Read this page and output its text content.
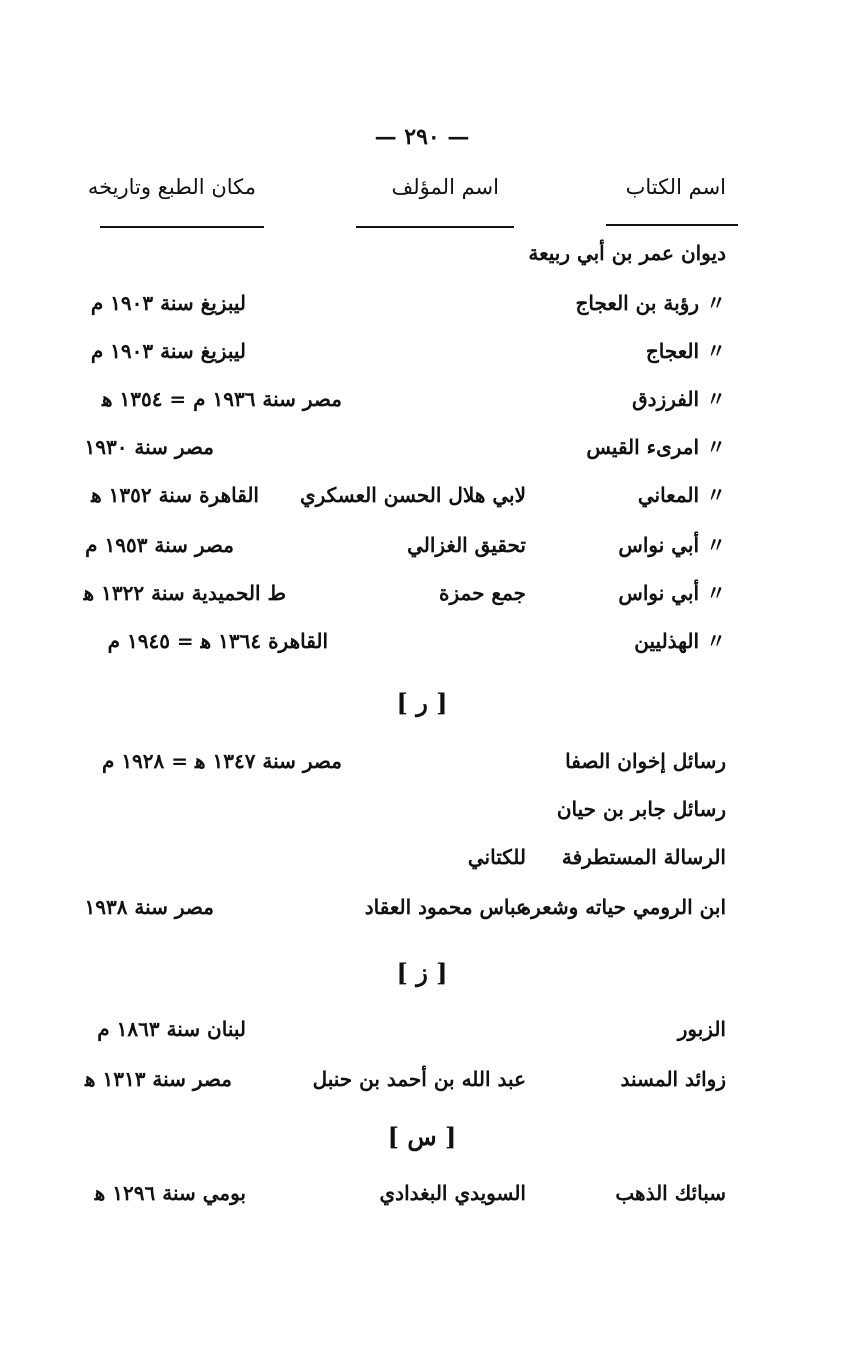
— ٢٩٠ —
اسم الكتاب
اسم المؤلف
مكان الطبع وتاريخه
ديوان عمر بن أبي ربيعة
〃 رؤبة بن العجاج
ليبزيغ سنة ١٩٠٣ م
〃 العجاج
ليبزيغ سنة ١٩٠٣ م
〃 الفرزدق
مصر سنة ١٩٣٦ م = ١٣٥٤ ﻫ
〃 امرىء القيس
مصر سنة ١٩٣٠
〃 المعاني
لابي هلال الحسن العسكري
القاهرة سنة ١٣٥٢ ﻫ
〃 أبي نواس
تحقيق الغزالي
مصر سنة ١٩٥٣ م
〃 أبي نواس
جمع حمزة
ط الحميدية سنة ١٣٢٢ ﻫ
〃 الهذليين
القاهرة ١٣٦٤ ﻫ = ١٩٤٥ م
[ ر ]
رسائل إخوان الصفا
مصر سنة ١٣٤٧ ﻫ = ١٩٢٨ م
رسائل جابر بن حيان
الرسالة المستطرفة
للكتاني
ابن الرومي حياته وشعره
عباس محمود العقاد
مصر سنة ١٩٣٨
[ ز ]
الزبور
لبنان سنة ١٨٦٣ م
زوائد المسند
عبد الله بن أحمد بن حنبل
مصر سنة ١٣١٣ ﻫ
[ س ]
سبائك الذهب
السويدي البغدادي
بومي سنة ١٢٩٦ ﻫ
